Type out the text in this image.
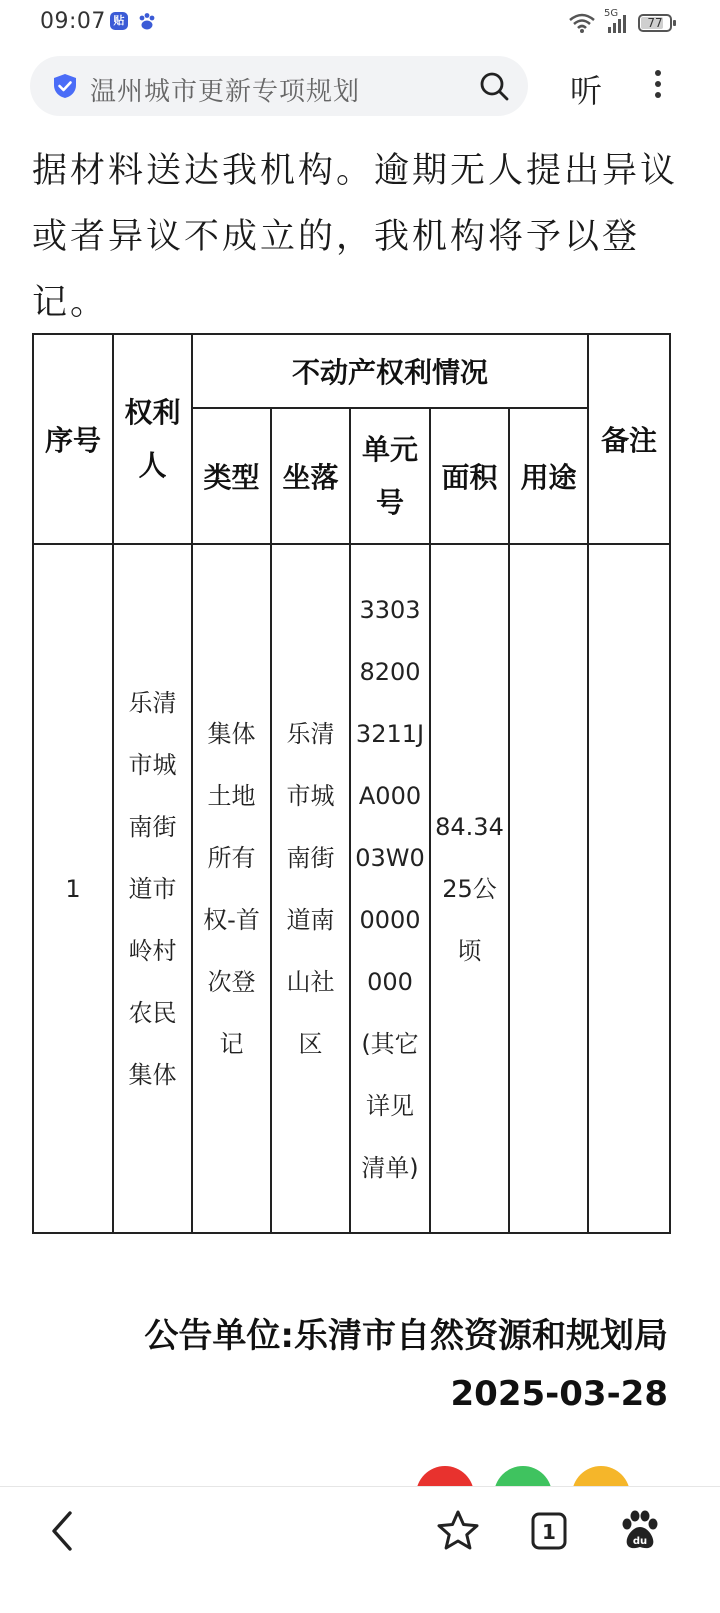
09:07 贴
5G
77
温州城市更新专项规划	听
据材料送达我机构。逾期无人提出异议或者异议不成立的，我机构将予以登记。
序号	权利人	不动产权利情况					备注
		类型	坐落	单元号	面积	用途	
1	乐清市城南街道市岭村农民集体	集体土地所有权-首次登记	乐清市城南街道南山社区	330382003211JA00003W00000000(其它详见清单)	84.3425公顷		
公告单位:乐清市自然资源和规划局
2025-03-28
1	du
